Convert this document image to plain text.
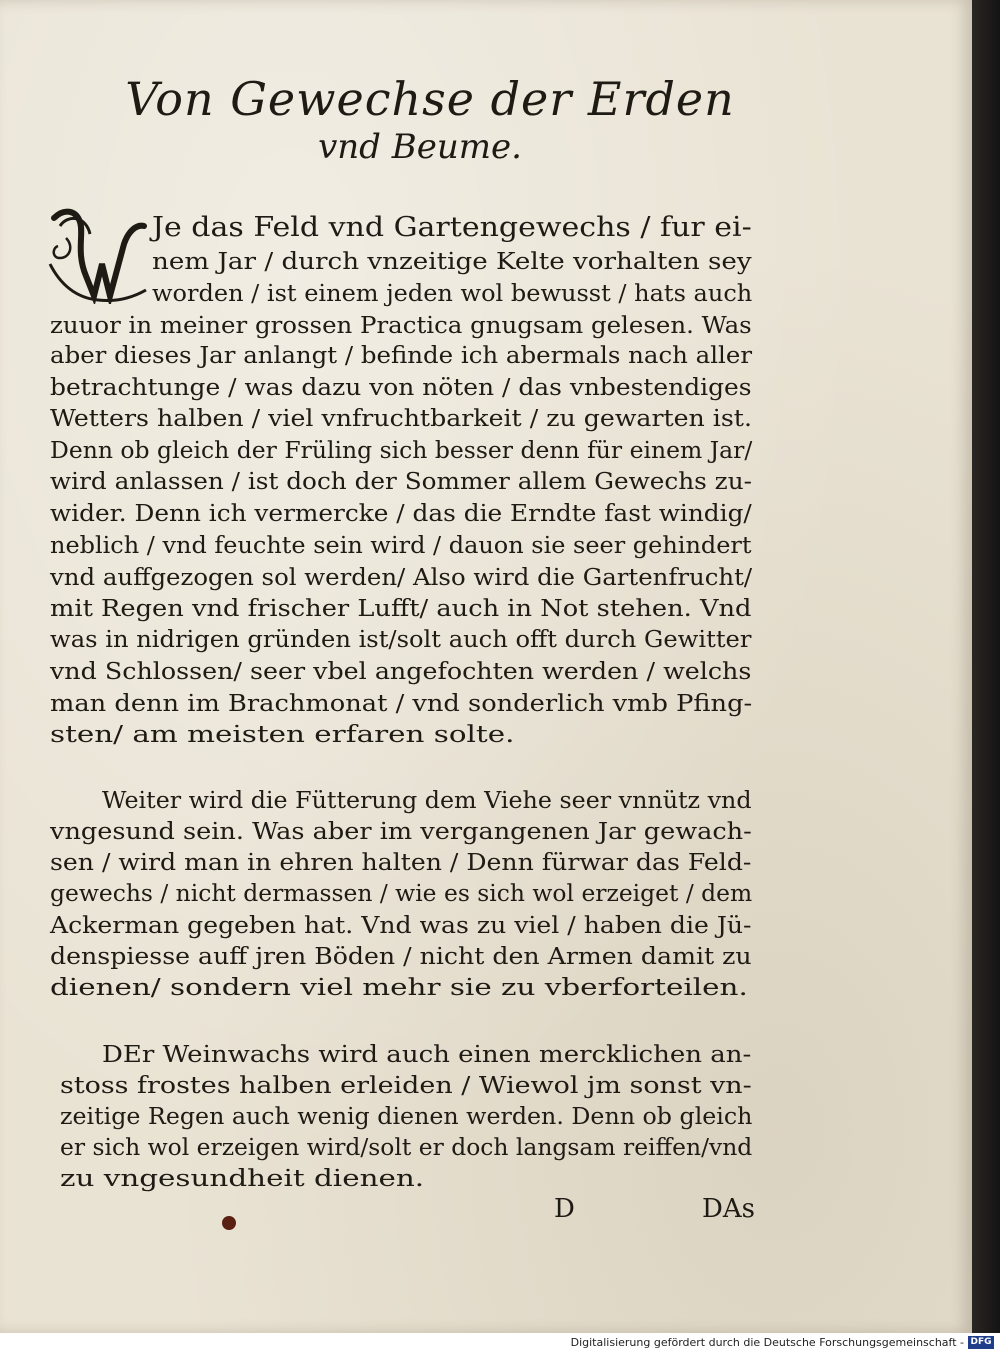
Von Gewechse der Erden
vnd Beume.
Je das Feld vnd Gartengewechs / fur ei-
nem Jar / durch vnzeitige Kelte vorhalten sey
worden / ist einem jeden wol bewusst / hats auch
zuuor in meiner grossen Practica gnugsam gelesen. Was
aber dieses Jar anlangt / befinde ich abermals nach aller
betrachtunge / was dazu von nöten / das vnbestendiges
Wetters halben / viel vnfruchtbarkeit / zu gewarten ist.
Denn ob gleich der Früling sich besser denn für einem Jar/
wird anlassen / ist doch der Sommer allem Gewechs zu-
wider. Denn ich vermercke / das die Erndte fast windig/
neblich / vnd feuchte sein wird / dauon sie seer gehindert
vnd auffgezogen sol werden/ Also wird die Gartenfrucht/
mit Regen vnd frischer Lufft/ auch in Not stehen. Vnd
was in nidrigen gründen ist/solt auch offt durch Gewitter
vnd Schlossen/ seer vbel angefochten werden / welchs
man denn im Brachmonat / vnd sonderlich vmb Pfing-
sten/ am meisten erfaren solte.
Weiter wird die Fütterung dem Viehe seer vnnütz vnd
vngesund sein. Was aber im vergangenen Jar gewach-
sen / wird man in ehren halten / Denn fürwar das Feld-
gewechs / nicht dermassen / wie es sich wol erzeiget / dem
Ackerman gegeben hat. Vnd was zu viel / haben die Jü-
denspiesse auff jren Böden / nicht den Armen damit zu
dienen/ sondern viel mehr sie zu vberforteilen.
DEr Weinwachs wird auch einen mercklichen an-
stoss frostes halben erleiden / Wiewol jm sonst vn-
zeitige Regen auch wenig dienen werden. Denn ob gleich
er sich wol erzeigen wird/solt er doch langsam reiffen/vnd
zu vngesundheit dienen.
D	DAs
Digitalisierung gefördert durch die Deutsche Forschungsgemeinschaft - DFG
